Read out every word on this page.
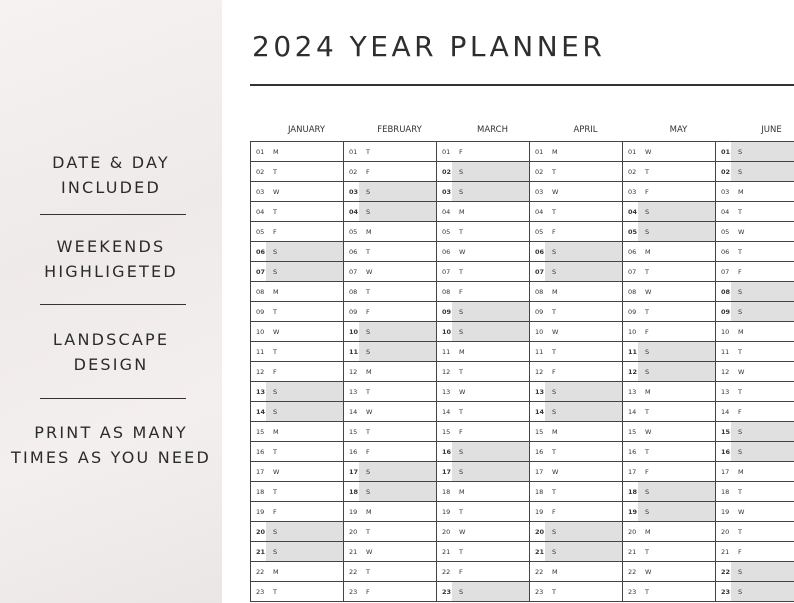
2024 YEAR PLANNER
JANUARY	FEBRUARY	MARCH	APRIL	MAY	JUNE
01 M	01 T	01 F	01 M	01 W	01 S
02 T	02 F	02 S	02 T	02 T	02 S
03 W	03 S	03 S	03 W	03 F	03 M
04 T	04 S	04 M	04 T	04 S	04 T
05 F	05 M	05 T	05 F	05 S	05 W
06 S	06 T	06 W	06 S	06 M	06 T
07 S	07 W	07 T	07 S	07 T	07 F
08 M	08 T	08 F	08 M	08 W	08 S
09 T	09 F	09 S	09 T	09 T	09 S
10 W	10 S	10 S	10 W	10 F	10 M
11 T	11 S	11 M	11 T	11 S	11 T
12 F	12 M	12 T	12 F	12 S	12 W
13 S	13 T	13 W	13 S	13 M	13 T
14 S	14 W	14 T	14 S	14 T	14 F
15 M	15 T	15 F	15 M	15 W	15 S
16 T	16 F	16 S	16 T	16 T	16 S
17 W	17 S	17 S	17 W	17 F	17 M
18 T	18 S	18 M	18 T	18 S	18 T
19 F	19 M	19 T	19 F	19 S	19 W
20 S	20 T	20 W	20 S	20 M	20 T
21 S	21 W	21 T	21 S	21 T	21 F
22 M	22 T	22 F	22 M	22 W	22 S
23 T	23 F	23 S	23 T	23 T	23 S
DATE & DAY
INCLUDED
WEEKENDS
HIGHLIGETED
LANDSCAPE
DESIGN
PRINT AS MANY
TIMES AS YOU NEED
